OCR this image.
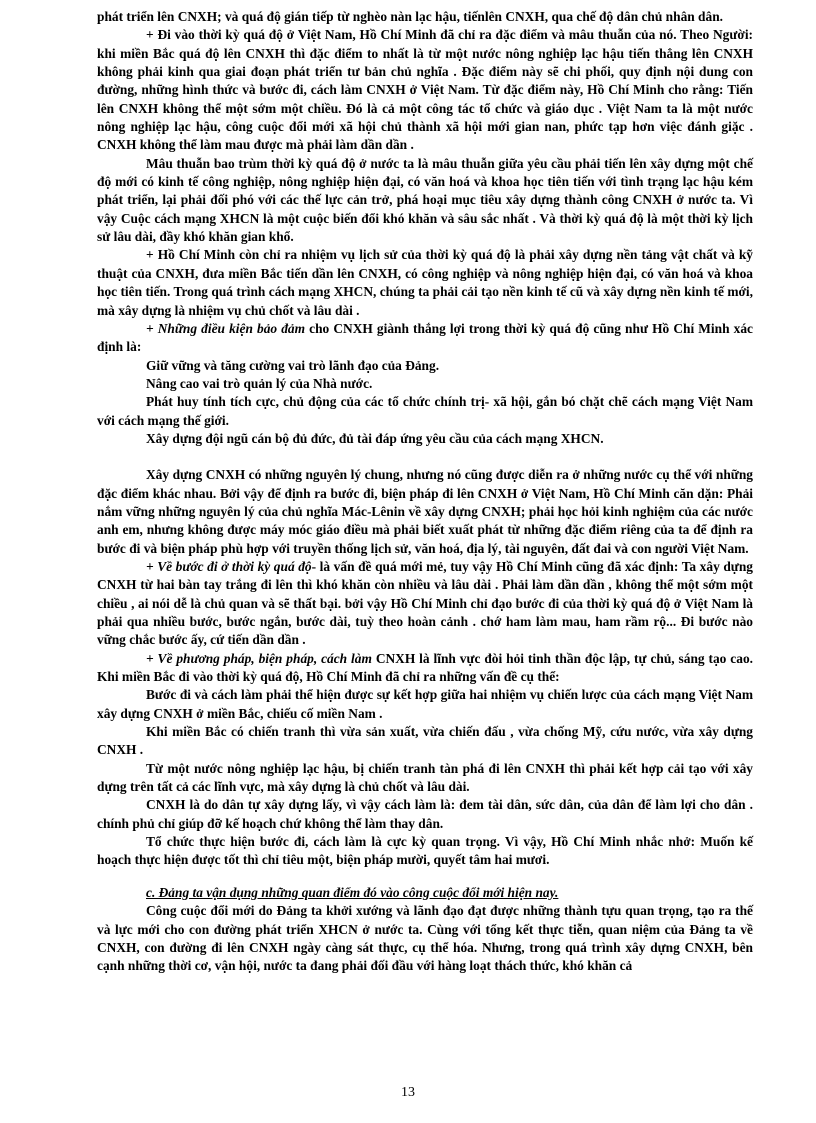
phát triển lên CNXH; và quá độ gián tiếp từ nghèo nàn lạc hậu, tiếnlên CNXH, qua chế độ dân chủ nhân dân.

+ Đi vào thời kỳ quá độ ở Việt Nam, Hồ Chí Minh đã chỉ ra đặc điểm và mâu thuẫn của nó. Theo Người: khi miền Bắc quá độ lên CNXH thì đặc điểm to nhất là từ một nước nông nghiệp lạc hậu tiến thẳng lên CNXH không phải kinh qua giai đoạn phát triển tư bản chủ nghĩa . Đặc điểm này sẽ chi phối, quy định nội dung con đường, những hình thức và bước đi, cách làm CNXH ở Việt Nam. Từ đặc điểm này, Hồ Chí Minh cho rằng: Tiến lên CNXH không thể một sớm một chiều. Đó là cả một công tác tổ chức và giáo dục . Việt Nam ta là một nước nông nghiệp lạc hậu, công cuộc đổi mới xã hội chủ thành xã hội mới gian nan, phức tạp hơn việc đánh giặc . CNXH không thể làm mau được mà phải làm dần dần .

Mâu thuẫn bao trùm thời kỳ quá độ ở nước ta là mâu thuẫn giữa yêu cầu phải tiến lên xây dựng một chế độ mới có kinh tế công nghiệp, nông nghiệp hiện đại, có văn hoá và khoa học tiên tiến với tình trạng lạc hậu kém phát triển, lại phải đối phó với các thế lực cản trở, phá hoại mục tiêu xây dựng thành công CNXH ở nước ta. Vì vậy Cuộc cách mạng XHCN là một cuộc biến đổi khó khăn và sâu sắc nhất . Và thời kỳ quá độ là một thời kỳ lịch sử lâu dài, đầy khó khăn gian khổ.

+ Hồ Chí Minh còn chỉ ra nhiệm vụ lịch sử của thời kỳ quá độ là phải xây dựng nền tảng vật chất và kỹ thuật của CNXH, đưa miền Bắc tiến dần lên CNXH, có công nghiệp và nông nghiệp hiện đại, có văn hoá và khoa học tiên tiến. Trong quá trình cách mạng XHCN, chúng ta phải cải tạo nền kinh tế cũ và xây dựng nền kinh tế mới, mà xây dựng là nhiệm vụ chủ chốt và lâu dài .

+ Những điều kiện bảo đảm cho CNXH giành thắng lợi trong thời kỳ quá độ cũng như Hồ Chí Minh xác định là:

Giữ vững và tăng cường vai trò lãnh đạo của Đảng.

Nâng cao vai trò quản lý của Nhà nước.

Phát huy tính tích cực, chủ động của các tổ chức chính trị- xã hội, gắn bó chặt chẽ cách mạng Việt Nam với cách mạng thế giới.

Xây dựng đội ngũ cán bộ đủ đức, đủ tài đáp ứng yêu cầu của cách mạng XHCN.

Xây dựng CNXH có những nguyên lý chung, nhưng nó cũng được diễn ra ở những nước cụ thể với những đặc điểm khác nhau. Bởi vậy để định ra bước đi, biện pháp đi lên CNXH ở Việt Nam, Hồ Chí Minh căn dặn: Phải nắm vững những nguyên lý của chủ nghĩa Mác-Lênin về xây dựng CNXH; phải học hỏi kinh nghiệm của các nước anh em, nhưng không được máy móc giáo điều mà phải biết xuất phát từ những đặc điểm riêng của ta để định ra bước đi và biện pháp phù hợp với truyền thống lịch sử, văn hoá, địa lý, tài nguyên, đất đai và con người Việt Nam.

+ Về bước đi ở thời kỳ quá độ- là vấn đề quá mới mẻ, tuy vậy Hồ Chí Minh cũng đã xác định: Ta xây dựng CNXH từ hai bàn tay trắng đi lên thì khó khăn còn nhiều và lâu dài . Phải làm dần dần , không thể một sớm một chiều , ai nói dễ là chủ quan và sẽ thất bại. bởi vậy Hồ Chí Minh chỉ đạo bước đi của thời kỳ quá độ ở Việt Nam là phải qua nhiều bước, bước ngắn, bước dài, tuỳ theo hoàn cảnh . chớ ham làm mau, ham rầm rộ... Đi bước nào vững chắc bước ấy, cứ tiến dần dần .

+ Về phương pháp, biện pháp, cách làm CNXH là lĩnh vực đòi hỏi tinh thần độc lập, tự chủ, sáng tạo cao. Khi miền Bắc đi vào thời kỳ quá độ, Hồ Chí Minh đã chỉ ra những vấn đề cụ thể:

Bước đi và cách làm phải thể hiện được sự kết hợp giữa hai nhiệm vụ chiến lược của cách mạng Việt Nam xây dựng CNXH ở miền Bắc, chiếu cố miền Nam .

Khi miền Bắc có chiến tranh thì vừa sản xuất, vừa chiến đấu , vừa chống Mỹ, cứu nước, vừa xây dựng CNXH .

Từ một nước nông nghiệp lạc hậu, bị chiến tranh tàn phá đi lên CNXH thì phải kết hợp cải tạo với xây dựng trên tất cả các lĩnh vực, mà xây dựng là chủ chốt và lâu dài.

CNXH là do dân tự xây dựng lấy, vì vậy cách làm là: đem tài dân, sức dân, của dân để làm lợi cho dân . chính phủ chỉ giúp đỡ kế hoạch chứ không thể làm thay dân.

Tổ chức thực hiện bước đi, cách làm là cực kỳ quan trọng. Vì vậy, Hồ Chí Minh nhắc nhở: Muốn kế hoạch thực hiện được tốt thì chỉ tiêu một, biện pháp mười, quyết tâm hai mươi.

c. Đảng ta vận dụng những quan điểm đó vào công cuộc đổi mới hiện nay.

Công cuộc đổi mới do Đảng ta khởi xướng và lãnh đạo đạt được những thành tựu quan trọng, tạo ra thế và lực mới cho con đường phát triển XHCN ở nước ta. Cùng với tổng kết thực tiễn, quan niệm của Đảng ta về CNXH, con đường đi lên CNXH ngày càng sát thực, cụ thể hóa. Nhưng, trong quá trình xây dựng CNXH, bên cạnh những thời cơ, vận hội, nước ta đang phải đối đầu với hàng loạt thách thức, khó khăn cả

13
